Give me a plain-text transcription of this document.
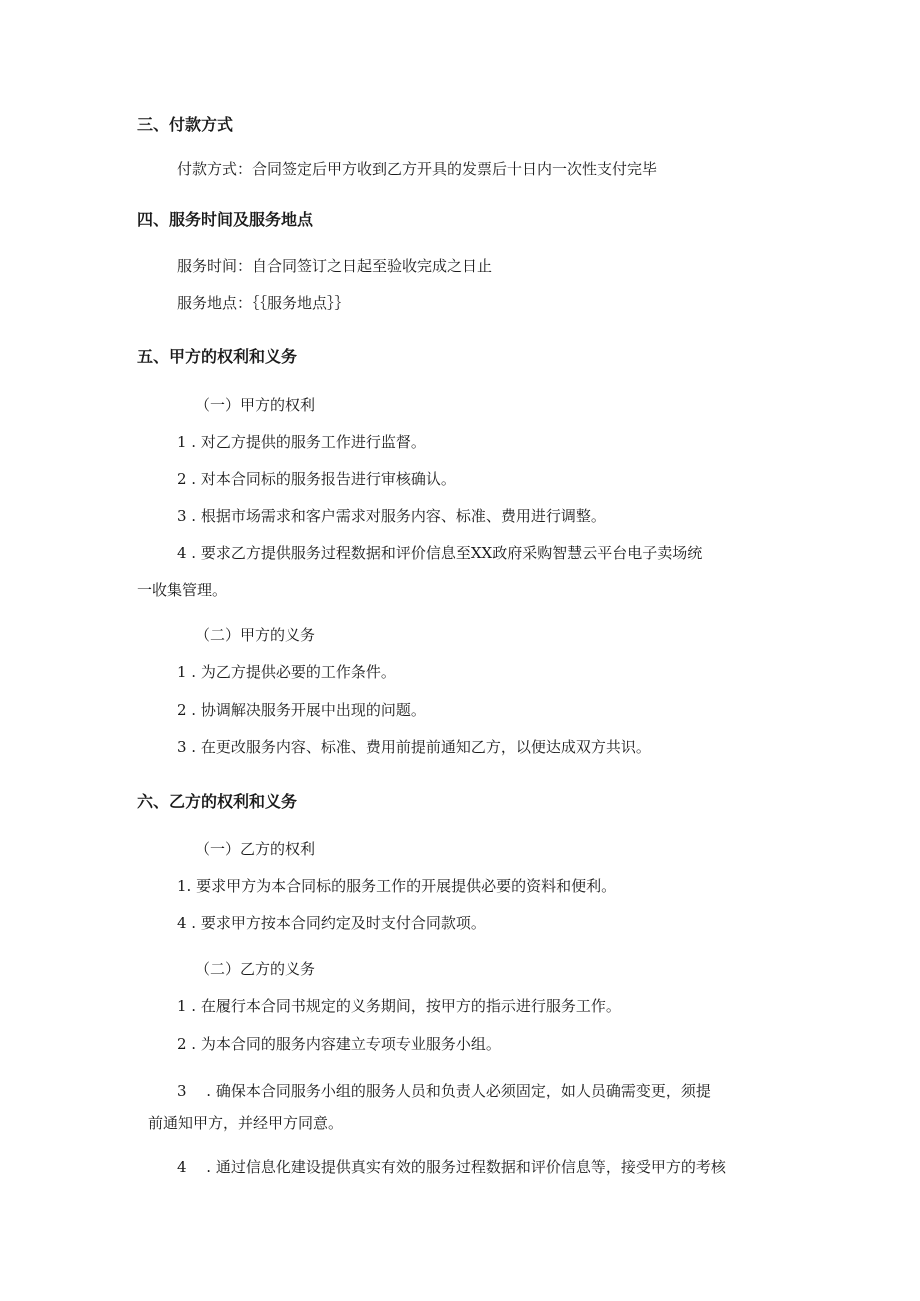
三、付款方式
付款方式：合同签定后甲方收到乙方开具的发票后十日内一次性支付完毕
四、服务时间及服务地点
服务时间：自合同签订之日起至验收完成之日止
服务地点：｛｛服务地点｝｝
五、甲方的权利和义务
（一）甲方的权利
1 . 对乙方提供的服务工作进行监督。
2 . 对本合同标的服务报告进行审核确认。
3 . 根据市场需求和客户需求对服务内容、标准、费用进行调整。
4 . 要求乙方提供服务过程数据和评价信息至XX政府采购智慧云平台电子卖场统
一收集管理。
（二）甲方的义务
1 . 为乙方提供必要的工作条件。
2 . 协调解决服务开展中出现的问题。
3 . 在更改服务内容、标准、费用前提前通知乙方，以便达成双方共识。
六、乙方的权利和义务
（一）乙方的权利
1. 要求甲方为本合同标的服务工作的开展提供必要的资料和便利。
4 . 要求甲方按本合同约定及时支付合同款项。
（二）乙方的义务
1 . 在履行本合同书规定的义务期间，按甲方的指示进行服务工作。
2 . 为本合同的服务内容建立专项专业服务小组。
3 　. 确保本合同服务小组的服务人员和负责人必须固定，如人员确需变更，须提
前通知甲方，并经甲方同意。
4 　. 通过信息化建设提供真实有效的服务过程数据和评价信息等，接受甲方的考核
